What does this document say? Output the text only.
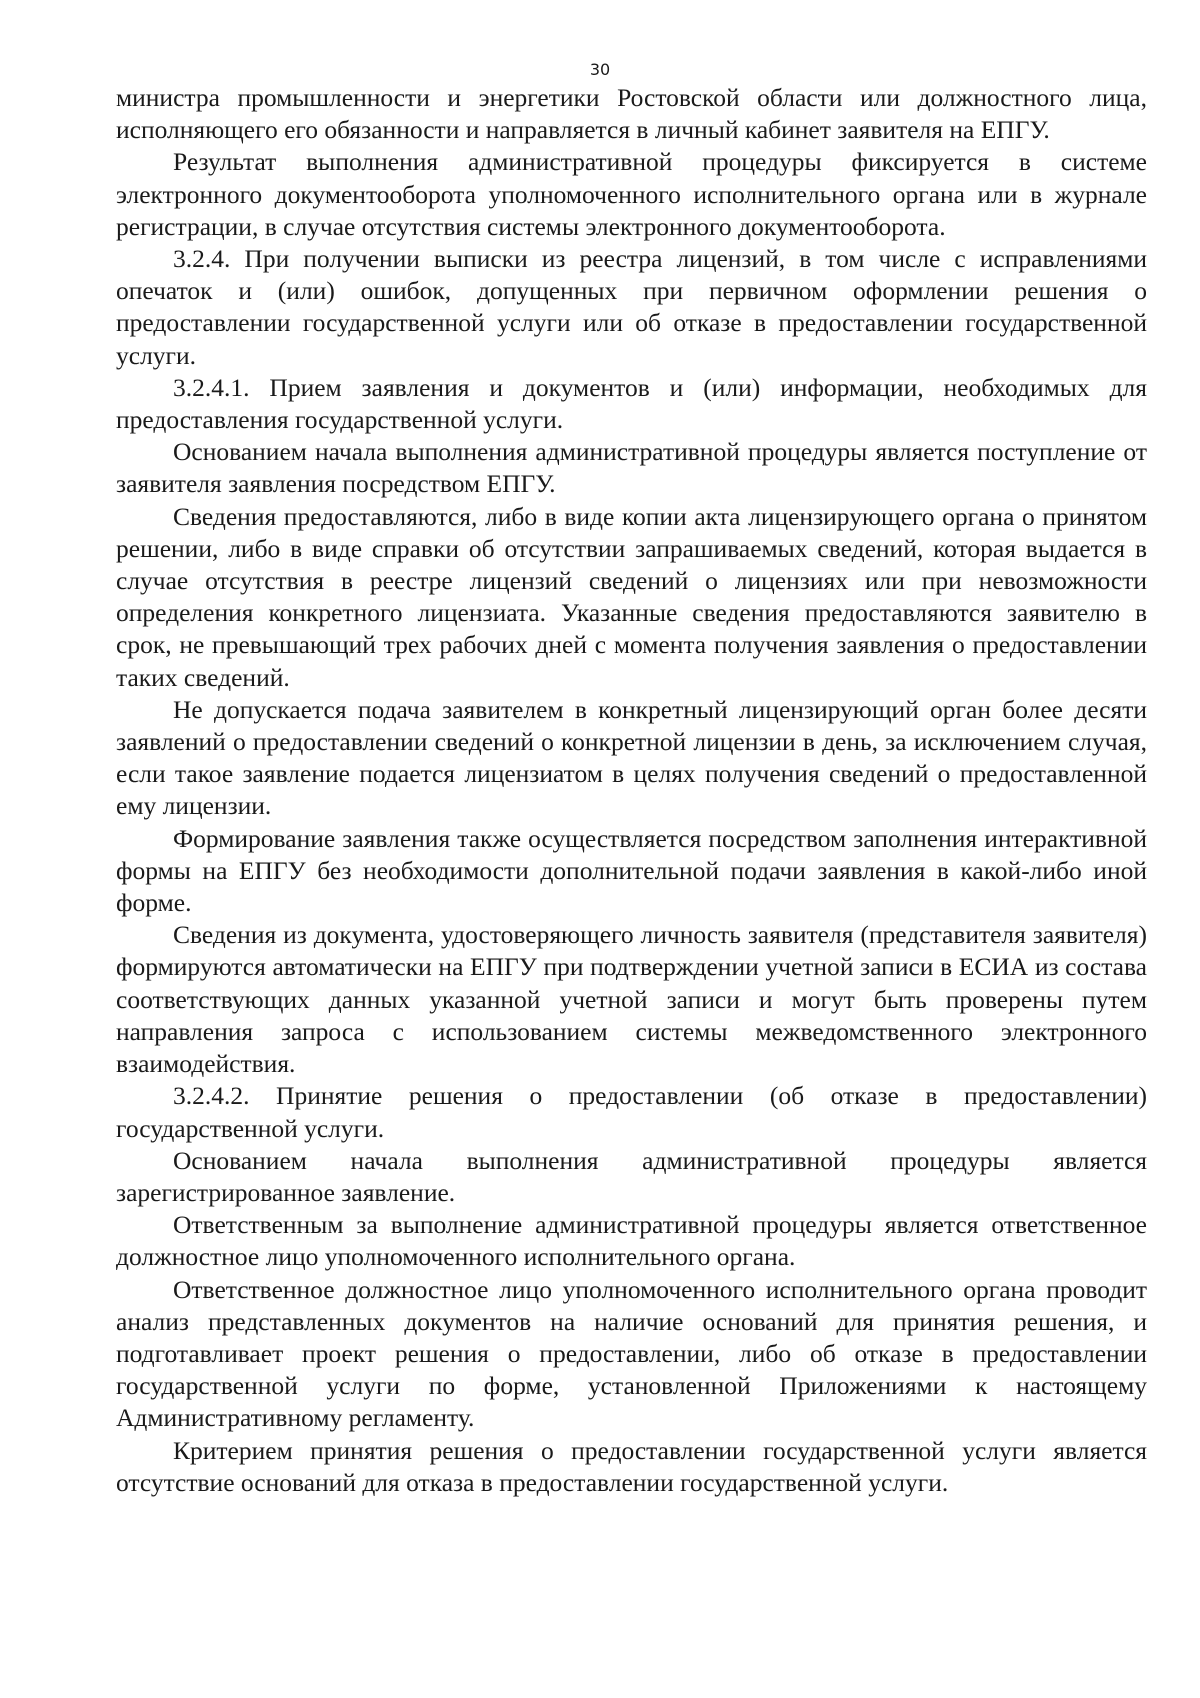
30

министра промышленности и энергетики Ростовской области или должностного лица, исполняющего его обязанности и направляется в личный кабинет заявителя на ЕПГУ.

Результат выполнения административной процедуры фиксируется в системе электронного документооборота уполномоченного исполнительного органа или в журнале регистрации, в случае отсутствия системы электронного документооборота.

3.2.4. При получении выписки из реестра лицензий, в том числе с исправлениями опечаток и (или) ошибок, допущенных при первичном оформлении решения о предоставлении государственной услуги или об отказе в предоставлении государственной услуги.

3.2.4.1. Прием заявления и документов и (или) информации, необходимых для предоставления государственной услуги.

Основанием начала выполнения административной процедуры является поступление от заявителя заявления посредством ЕПГУ.

Сведения предоставляются, либо в виде копии акта лицензирующего органа о принятом решении, либо в виде справки об отсутствии запрашиваемых сведений, которая выдается в случае отсутствия в реестре лицензий сведений о лицензиях или при невозможности определения конкретного лицензиата. Указанные сведения предоставляются заявителю в срок, не превышающий трех рабочих дней с момента получения заявления о предоставлении таких сведений.

Не допускается подача заявителем в конкретный лицензирующий орган более десяти заявлений о предоставлении сведений о конкретной лицензии в день, за исключением случая, если такое заявление подается лицензиатом в целях получения сведений о предоставленной ему лицензии.

Формирование заявления также осуществляется посредством заполнения интерактивной формы на ЕПГУ без необходимости дополнительной подачи заявления в какой-либо иной форме.

Сведения из документа, удостоверяющего личность заявителя (представителя заявителя) формируются автоматически на ЕПГУ при подтверждении учетной записи в ЕСИА из состава соответствующих данных указанной учетной записи и могут быть проверены путем направления запроса с использованием системы межведомственного электронного взаимодействия.

3.2.4.2. Принятие решения о предоставлении (об отказе в предоставлении) государственной услуги.

Основанием начала выполнения административной процедуры является зарегистрированное заявление.

Ответственным за выполнение административной процедуры является ответственное должностное лицо уполномоченного исполнительного органа.

Ответственное должностное лицо уполномоченного исполнительного органа проводит анализ представленных документов на наличие оснований для принятия решения, и подготавливает проект решения о предоставлении, либо об отказе в предоставлении государственной услуги по форме, установленной Приложениями к настоящему Административному регламенту.

Критерием принятия решения о предоставлении государственной услуги является отсутствие оснований для отказа в предоставлении государственной услуги.
